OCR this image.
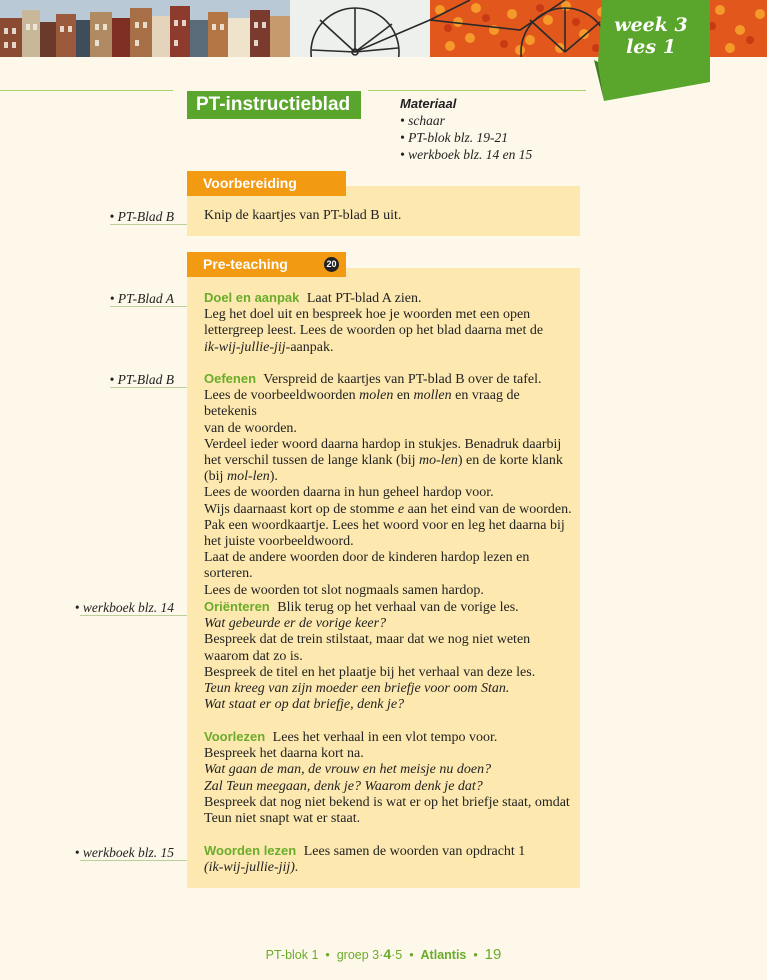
week 3
les 1
PT-instructieblad	Materiaal
• schaar
• PT-blok blz. 19-21
• werkboek blz. 14 en 15
Voorbereiding
• PT-Blad B Knip de kaartjes van PT-blad B uit.
Pre-teaching	20
• PT-Blad A Doel en aanpak Laat PT-blad A zien.

Leg het doel uit en bespreek hoe je woorden met een open

lettergreep leest. Lees de woorden op het blad daarna met de

ik-wij-jullie-jij-aanpak.

• PT-Blad B Oefenen Verspreid de kaartjes van PT-blad B over de tafel.

Lees de voorbeeldwoorden molen en mollen en vraag de betekenis

van de woorden.

Verdeel ieder woord daarna hardop in stukjes. Benadruk daarbij

het verschil tussen de lange klank (bij mo-len) en de korte klank

(bij mol-len).

Lees de woorden daarna in hun geheel hardop voor.

Wijs daarnaast kort op de stomme e aan het eind van de woorden.

Pak een woordkaartje. Lees het woord voor en leg het daarna bij

het juiste voorbeeldwoord.

Laat de andere woorden door de kinderen hardop lezen en

sorteren.

Lees de woorden tot slot nogmaals samen hardop.

• werkboek blz. 14 Oriënteren Blik terug op het verhaal van de vorige les.

Wat gebeurde er de vorige keer?

Bespreek dat de trein stilstaat, maar dat we nog niet weten

waarom dat zo is.

Bespreek de titel en het plaatje bij het verhaal van deze les.

Teun kreeg van zijn moeder een briefje voor oom Stan.

Wat staat er op dat briefje, denk je?

Voorlezen Lees het verhaal in een vlot tempo voor.

Bespreek het daarna kort na.

Wat gaan de man, de vrouw en het meisje nu doen?

Zal Teun meegaan, denk je? Waarom denk je dat?

Bespreek dat nog niet bekend is wat er op het briefje staat, omdat

Teun niet snapt wat er staat.

• werkboek blz. 15 Woorden lezen Lees samen de woorden van opdracht 1

(ik-wij-jullie-jij).

PT-blok 1 • groep 3·4·5 • Atlantis • 19
